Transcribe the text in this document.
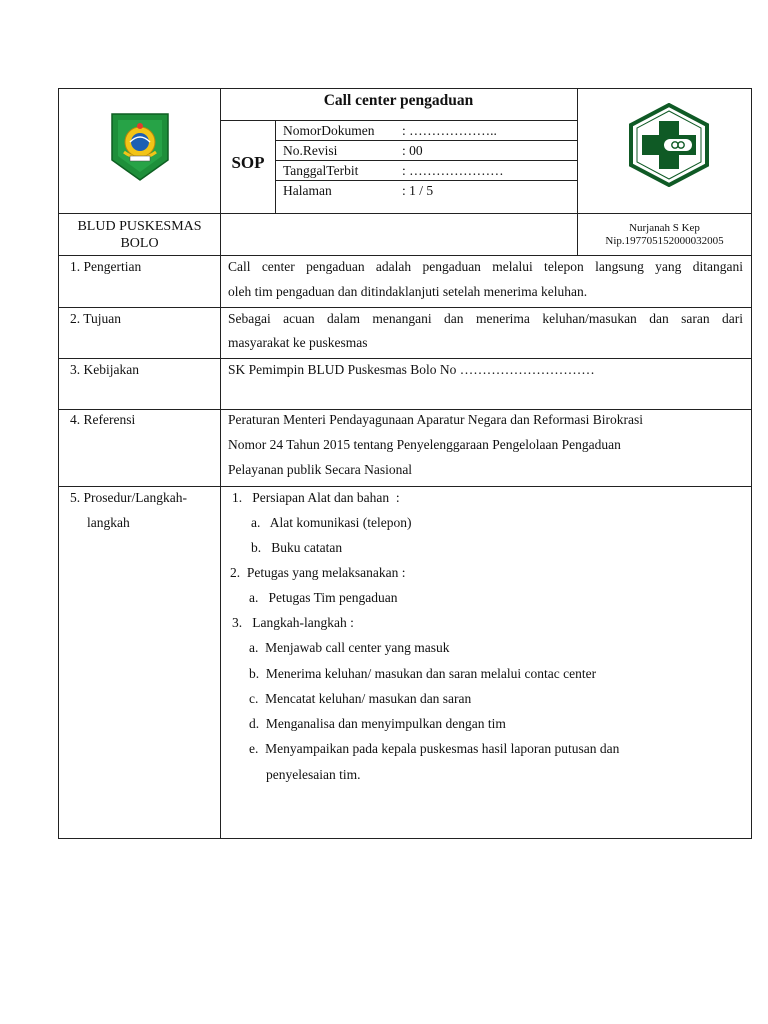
Call center pengaduan
SOP
NomorDokumen : ………………..
No.Revisi	: 00
TanggalTerbit	: …………………
Halaman	: 1 / 5
BLUD PUSKESMAS BOLO
Nurjanah S Kep
Nip.197705152000032005
1. Pengertian	Call center pengaduan adalah pengaduan melalui telepon langsung yang ditangani
oleh tim pengaduan dan ditindaklanjuti setelah menerima keluhan.
2. Tujuan	Sebagai acuan dalam menangani dan menerima keluhan/masukan dan saran dari
masyarakat ke puskesmas
3. Kebijakan	SK Pemimpin BLUD Puskesmas Bolo No …………………………
4. Referensi	Peraturan Menteri Pendayagunaan Aparatur Negara dan Reformasi Birokrasi
Nomor 24 Tahun 2015 tentang Penyelenggaraan Pengelolaan Pengaduan
Pelayanan publik Secara Nasional
5. Prosedur/Langkah-
langkah
1.   Persiapan Alat dan bahan  :
a.   Alat komunikasi (telepon)
b.   Buku catatan
2.  Petugas yang melaksanakan :
a.   Petugas Tim pengaduan
3.   Langkah-langkah :
a.  Menjawab call center yang masuk
b.  Menerima keluhan/ masukan dan saran melalui contac center
c.  Mencatat keluhan/ masukan dan saran
d.  Menganalisa dan menyimpulkan dengan tim
e.  Menyampaikan pada kepala puskesmas hasil laporan putusan dan
penyelesaian tim.
